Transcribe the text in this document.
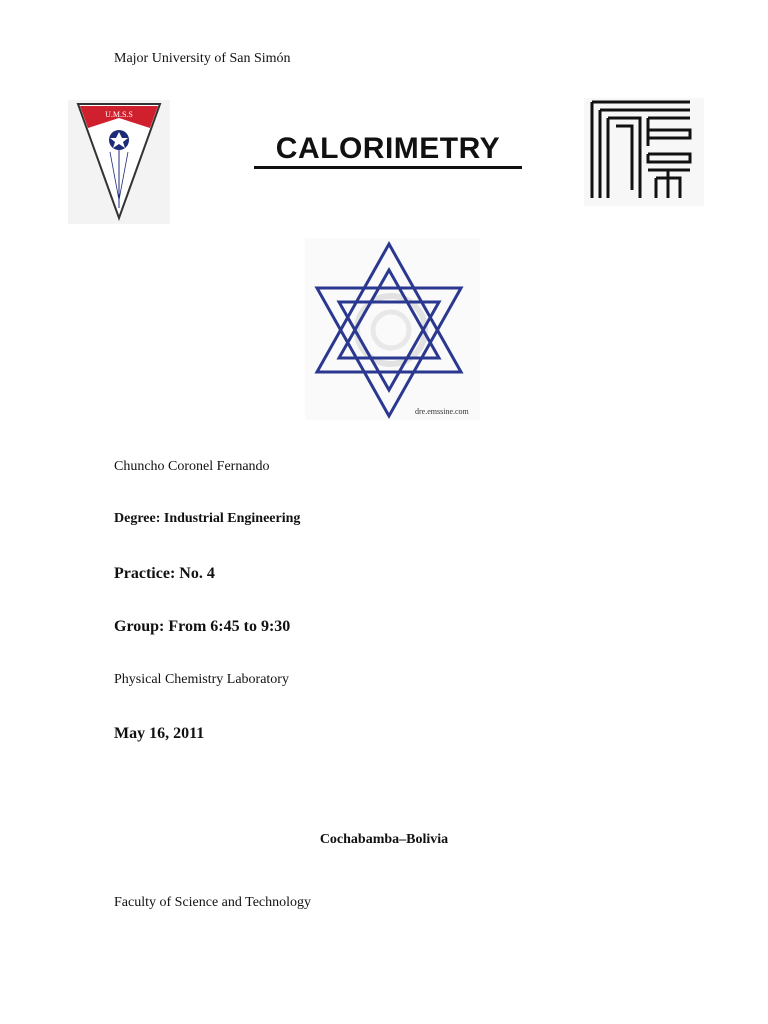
Major University of San Simón
U.M.S.S
CALORIMETRY
dre.emssine.com
Chuncho Coronel Fernando
Degree: Industrial Engineering
Practice: No. 4
Group: From 6:45 to 9:30
Physical Chemistry Laboratory
May 16, 2011
Cochabamba–Bolivia
Faculty of Science and Technology
